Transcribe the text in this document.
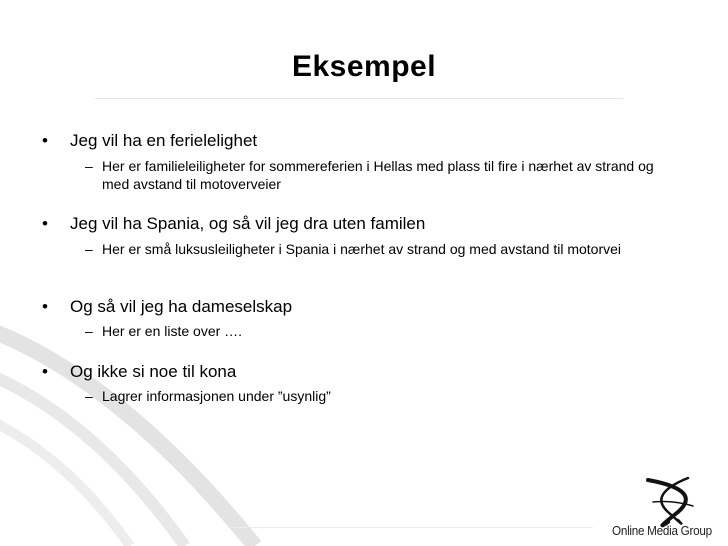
Eksempel
• Jeg vil ha en ferielelighet
– Her er familieleiligheter for sommereferien i Hellas med plass til fire i nærhet av strand og med avstand til motoverveier
• Jeg vil ha Spania, og så vil jeg dra uten familen
– Her er små luksusleiligheter i Spania i nærhet av strand og med avstand til motorvei
• Og så vil jeg ha dameselskap
– Her er en liste over ….
• Og ikke si noe til kona
– Lagrer informasjonen under ”usynlig”
Online Media Group
